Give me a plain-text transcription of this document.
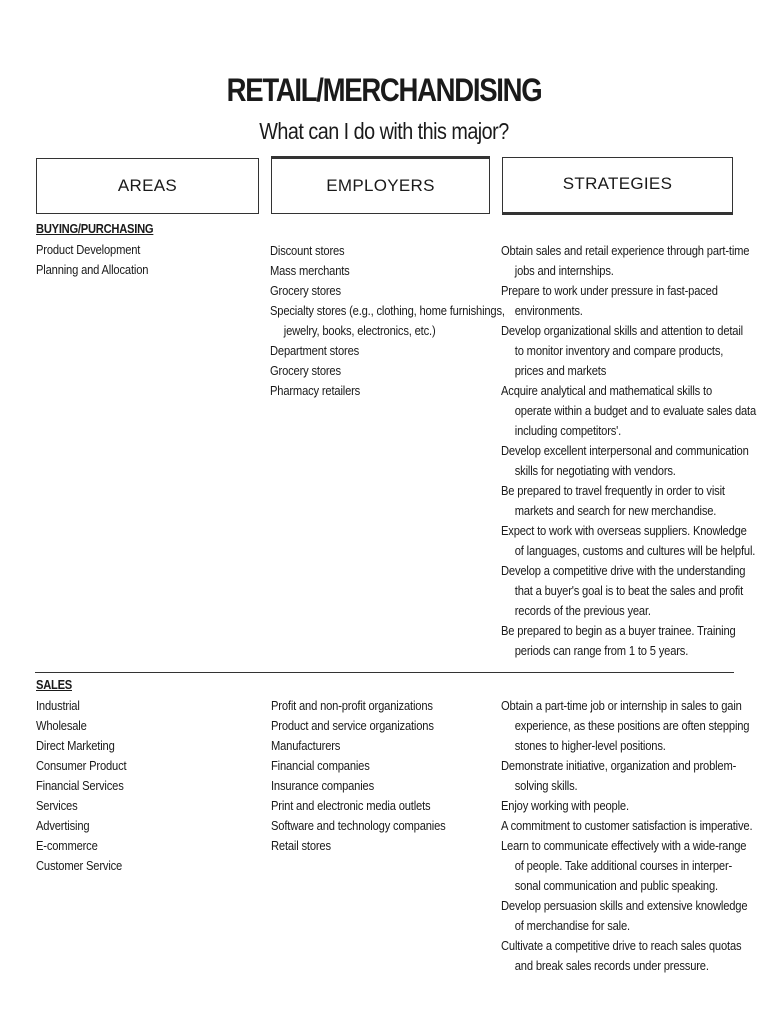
RETAIL/MERCHANDISING
What can I do with this major?
AREAS	EMPLOYERS	STRATEGIES
BUYING/PURCHASING
Product Development
Planning and Allocation
Discount stores
Mass merchants
Grocery stores
Specialty stores (e.g., clothing, home furnishings,
jewelry, books, electronics, etc.)
Department stores
Grocery stores
Pharmacy retailers
Obtain sales and retail experience through part-time
jobs and internships.
Prepare to work under pressure in fast-paced
environments.
Develop organizational skills and attention to detail
to monitor inventory and compare products,
prices and markets
Acquire analytical and mathematical skills to
operate within a budget and to evaluate sales data
including competitors'.
Develop excellent interpersonal and communication
skills for negotiating with vendors.
Be prepared to travel frequently in order to visit
markets and search for new merchandise.
Expect to work with overseas suppliers. Knowledge
of languages, customs and cultures will be helpful.
Develop a competitive drive with the understanding
that a buyer's goal is to beat the sales and profit
records of the previous year.
Be prepared to begin as a buyer trainee. Training
periods can range from 1 to 5 years.
SALES
Industrial
Wholesale
Direct Marketing
Consumer Product
Financial Services
Services
Advertising
E-commerce
Customer Service
Profit and non-profit organizations
Product and service organizations
Manufacturers
Financial companies
Insurance companies
Print and electronic media outlets
Software and technology companies
Retail stores
Obtain a part-time job or internship in sales to gain
experience, as these positions are often stepping
stones to higher-level positions.
Demonstrate initiative, organization and problem-
solving skills.
Enjoy working with people.
A commitment to customer satisfaction is imperative.
Learn to communicate effectively with a wide-range
of people. Take additional courses in interper-
sonal communication and public speaking.
Develop persuasion skills and extensive knowledge
of merchandise for sale.
Cultivate a competitive drive to reach sales quotas
and break sales records under pressure.
